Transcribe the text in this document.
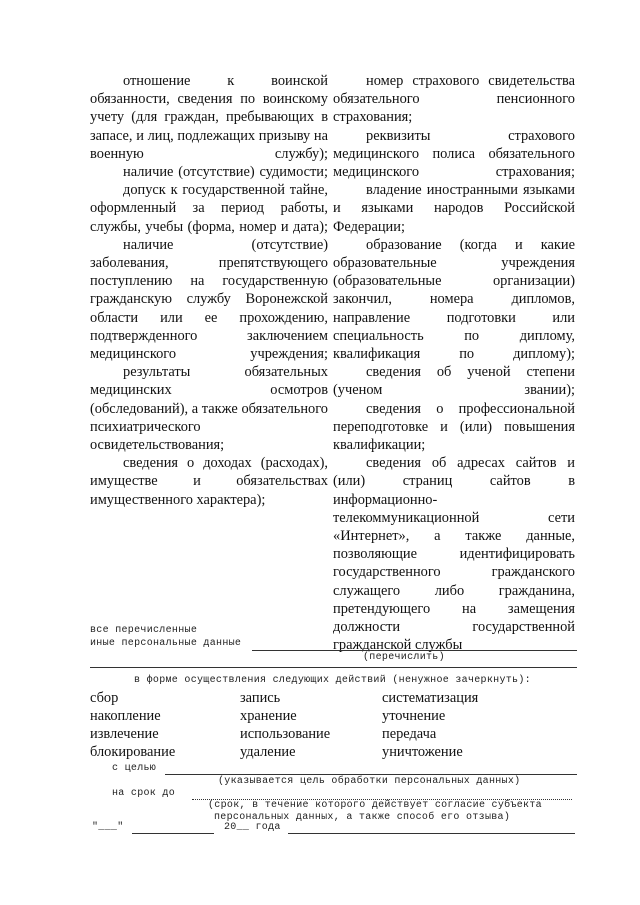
отношение к воинской обязанности, сведения по воинскому учету (для граждан, пребывающих в запасе, и лиц, подлежащих призыву на военную службу);

наличие (отсутствие) судимости;

допуск к государственной тайне, оформленный за период работы, службы, учебы (форма, номер и дата);

наличие (отсутствие) заболевания, препятствующего поступлению на государственную гражданскую службу Воронежской области или ее прохождению, подтвержденного заключением медицинского учреждения;

результаты обязательных медицинских осмотров (обследований), а также обязательного психиатрического освидетельствования;

сведения о доходах (расходах), имуществе и обязательствах имущественного характера);

номер страхового свидетельства обязательного пенсионного страхования;

реквизиты страхового медицинского полиса обязательного медицинского страхования;

владение иностранными языками и языками народов Российской Федерации;

образование (когда и какие образовательные учреждения (образовательные организации) закончил, номера дипломов, направление подготовки или специальность по диплому, квалификация по диплому);

сведения об ученой степени (ученом звании);

сведения о профессиональной переподготовке и (или) повышения квалификации;

сведения об адресах сайтов и (или) страниц сайтов в информационно-телекоммуникационной сети «Интернет», а также данные, позволяющие идентифицировать государственного гражданского служащего либо гражданина, претендующего на замещения должности государственной гражданской службы

все перечисленные
иные персональные данные
(перечислить)
в форме осуществления следующих действий (ненужное зачеркнуть):
сбор	запись	систематизация
накопление	хранение	уточнение
извлечение	использование	передача
блокирование	удаление	уничтожение
с целью
(указывается цель обработки персональных данных)
на срок до
(срок, в течение которого действует согласие субъекта
персональных данных, а также способ его отзыва)
"___"	20__ года
